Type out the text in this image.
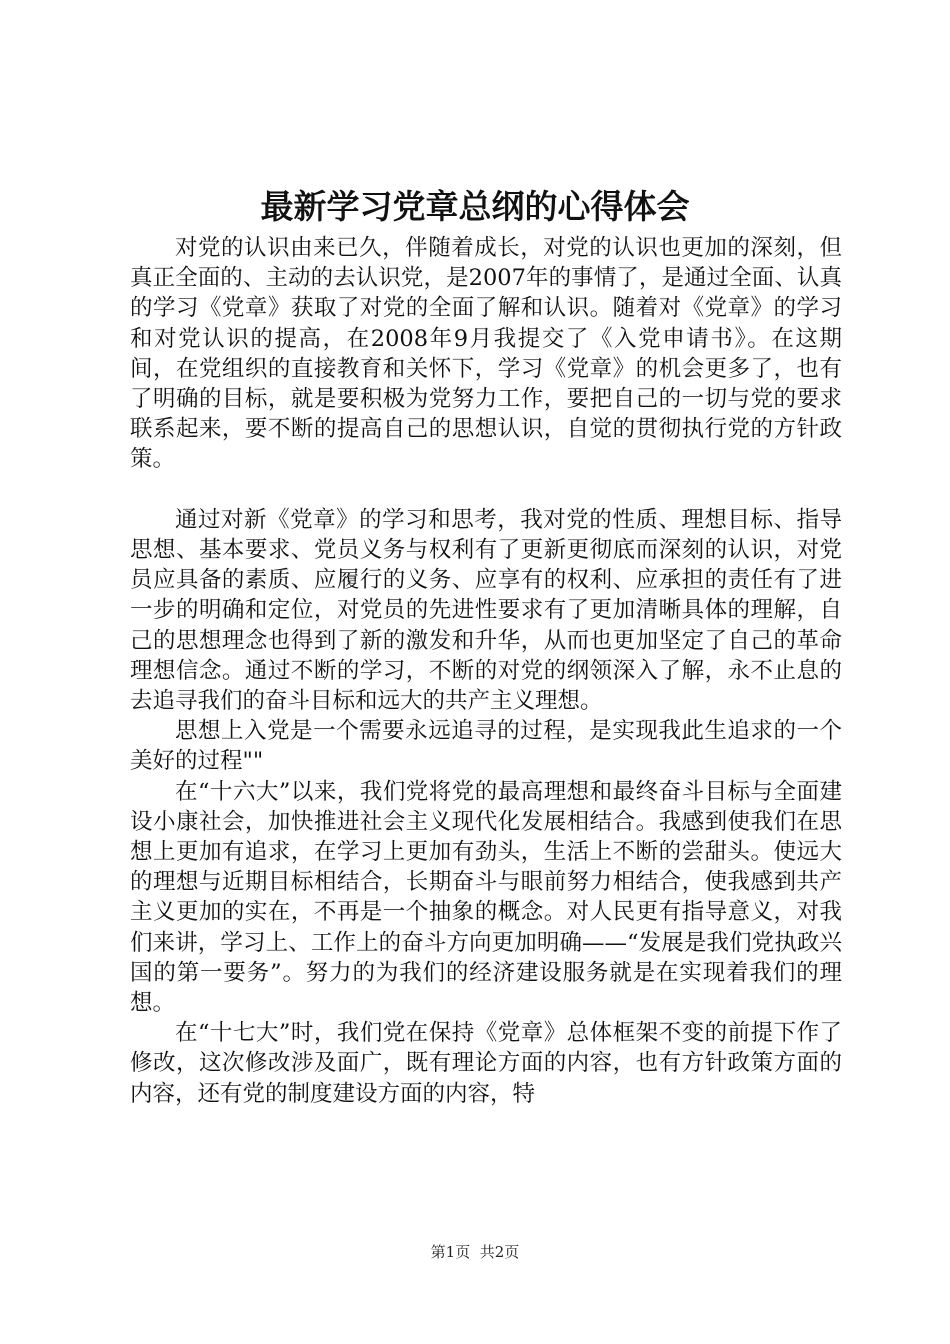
最新学习党章总纲的心得体会

对党的认识由来已久，伴随着成长，对党的认识也更加的深刻，但真正全面的、主动的去认识党，是2007年的事情了，是通过全面、认真的学习《党章》获取了对党的全面了解和认识。随着对《党章》的学习和对党认识的提高，在2008年9月我提交了《入党申请书》。在这期间，在党组织的直接教育和关怀下，学习《党章》的机会更多了，也有了明确的目标，就是要积极为党努力工作，要把自己的一切与党的要求联系起来，要不断的提高自己的思想认识，自觉的贯彻执行党的方针政策。

通过对新《党章》的学习和思考，我对党的性质、理想目标、指导思想、基本要求、党员义务与权利有了更新更彻底而深刻的认识，对党员应具备的素质、应履行的义务、应享有的权利、应承担的责任有了进一步的明确和定位，对党员的先进性要求有了更加清晰具体的理解，自己的思想理念也得到了新的激发和升华，从而也更加坚定了自己的革命理想信念。通过不断的学习，不断的对党的纲领深入了解，永不止息的去追寻我们的奋斗目标和远大的共产主义理想。

思想上入党是一个需要永远追寻的过程，是实现我此生追求的一个美好的过程""

在“十六大”以来，我们党将党的最高理想和最终奋斗目标与全面建设小康社会，加快推进社会主义现代化发展相结合。我感到使我们在思想上更加有追求，在学习上更加有劲头，生活上不断的尝甜头。使远大的理想与近期目标相结合，长期奋斗与眼前努力相结合，使我感到共产主义更加的实在，不再是一个抽象的概念。对人民更有指导意义，对我们来讲，学习上、工作上的奋斗方向更加明确——“发展是我们党执政兴国的第一要务”。努力的为我们的经济建设服务就是在实现着我们的理想。

在“十七大”时，我们党在保持《党章》总体框架不变的前提下作了修改，这次修改涉及面广，既有理论方面的内容，也有方针政策方面的内容，还有党的制度建设方面的内容，特

第1页 共2页
